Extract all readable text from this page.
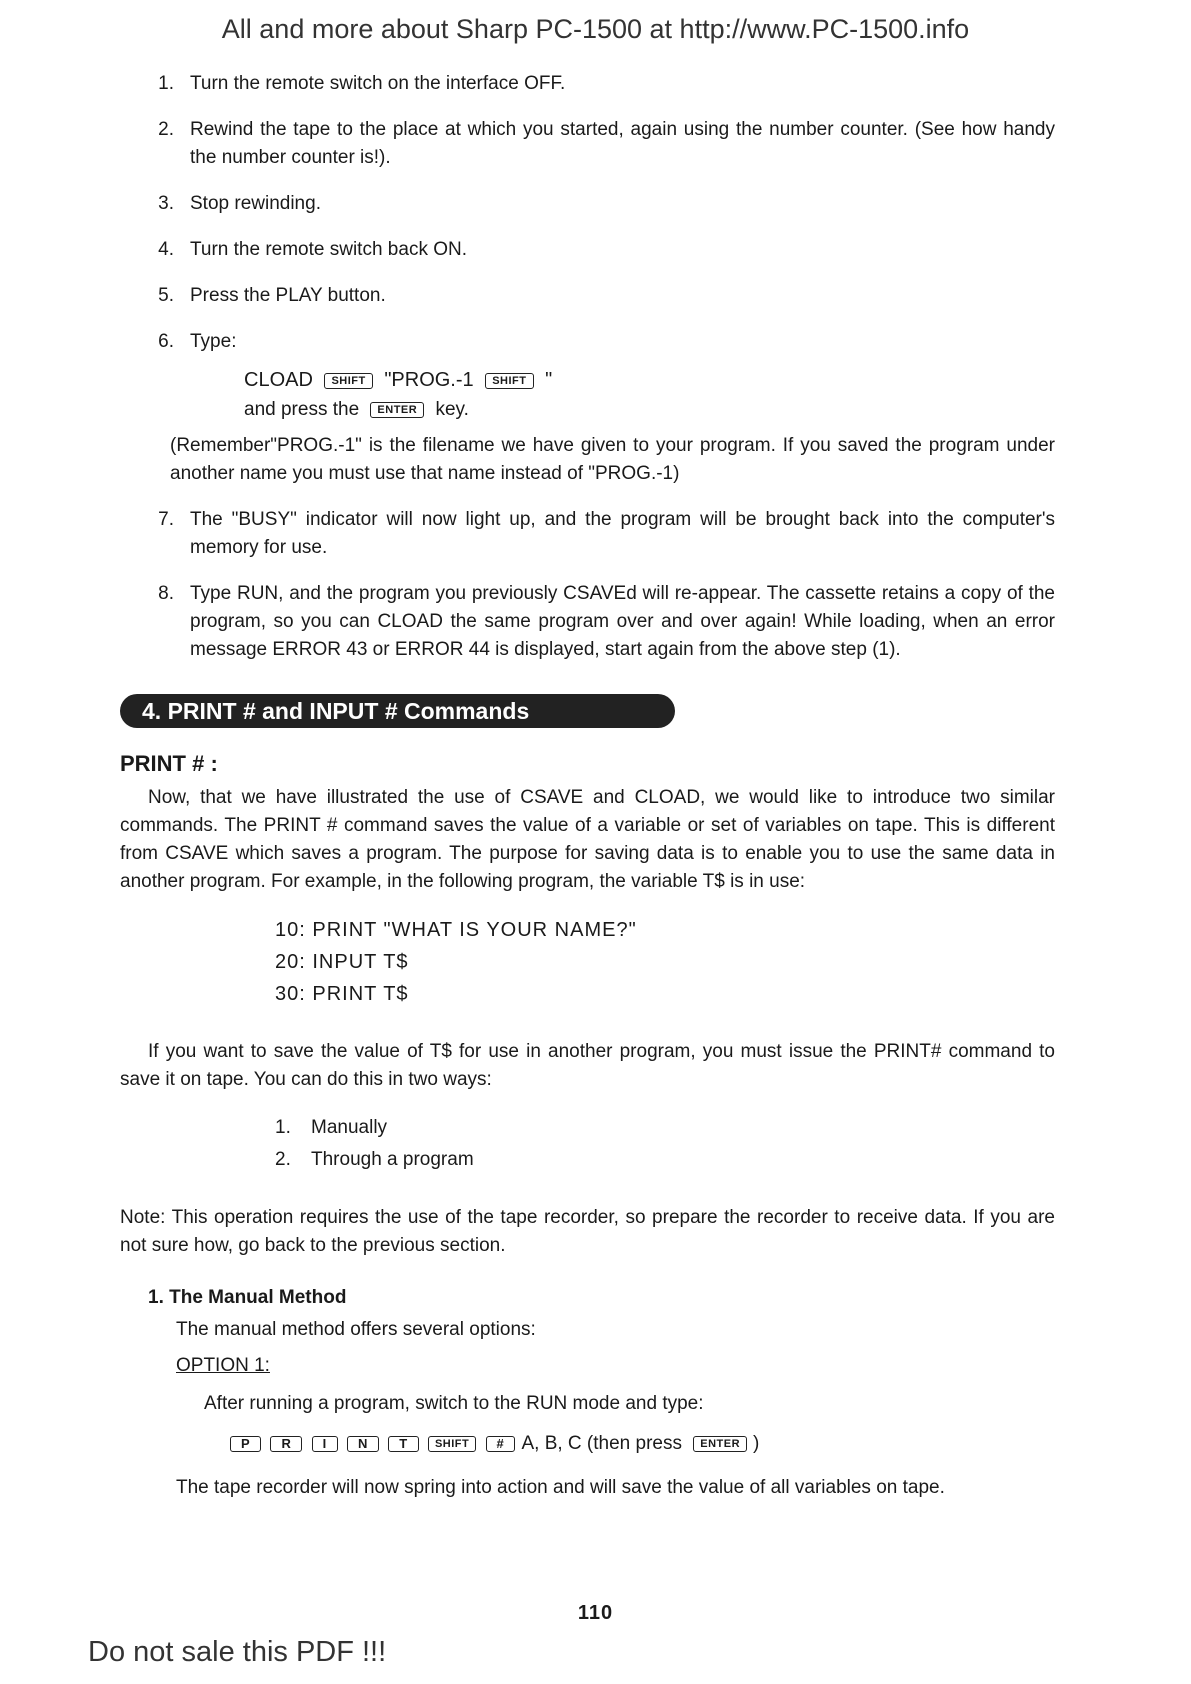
All and more about Sharp PC-1500 at http://www.PC-1500.info
1. Turn the remote switch on the interface OFF.
2. Rewind the tape to the place at which you started, again using the number counter. (See how handy the number counter is!).
3. Stop rewinding.
4. Turn the remote switch back ON.
5. Press the PLAY button.
6. Type:
CLOAD SHIFT "PROG.-1 SHIFT "
and press the ENTER key.
(Remember"PROG.-1" is the filename we have given to your program. If you saved the program under another name you must use that name instead of "PROG.-1)
7. The "BUSY" indicator will now light up, and the program will be brought back into the computer's memory for use.
8. Type RUN, and the program you previously CSAVEd will re-appear. The cassette retains a copy of the program, so you can CLOAD the same program over and over again! While loading, when an error message ERROR 43 or ERROR 44 is displayed, start again from the above step (1).
4. PRINT # and INPUT # Commands
PRINT # :

Now, that we have illustrated the use of CSAVE and CLOAD, we would like to introduce two similar commands. The PRINT # command saves the value of a variable or set of variables on tape. This is different from CSAVE which saves a program. The purpose for saving data is to enable you to use the same data in another program. For example, in the following program, the variable T$ is in use:

10: PRINT "WHAT IS YOUR NAME?"
20: INPUT T$
30: PRINT T$

If you want to save the value of T$ for use in another program, you must issue the PRINT# command to save it on tape. You can do this in two ways:

1. Manually
2. Through a program

Note: This operation requires the use of the tape recorder, so prepare the recorder to receive data. If you are not sure how, go back to the previous section.

1. The Manual Method
The manual method offers several options:
OPTION 1:
After running a program, switch to the RUN mode and type:
P R I N T SHIFT # A, B, C (then press ENTER )
The tape recorder will now spring into action and will save the value of all variables on tape.
110
Do not sale this PDF !!!
